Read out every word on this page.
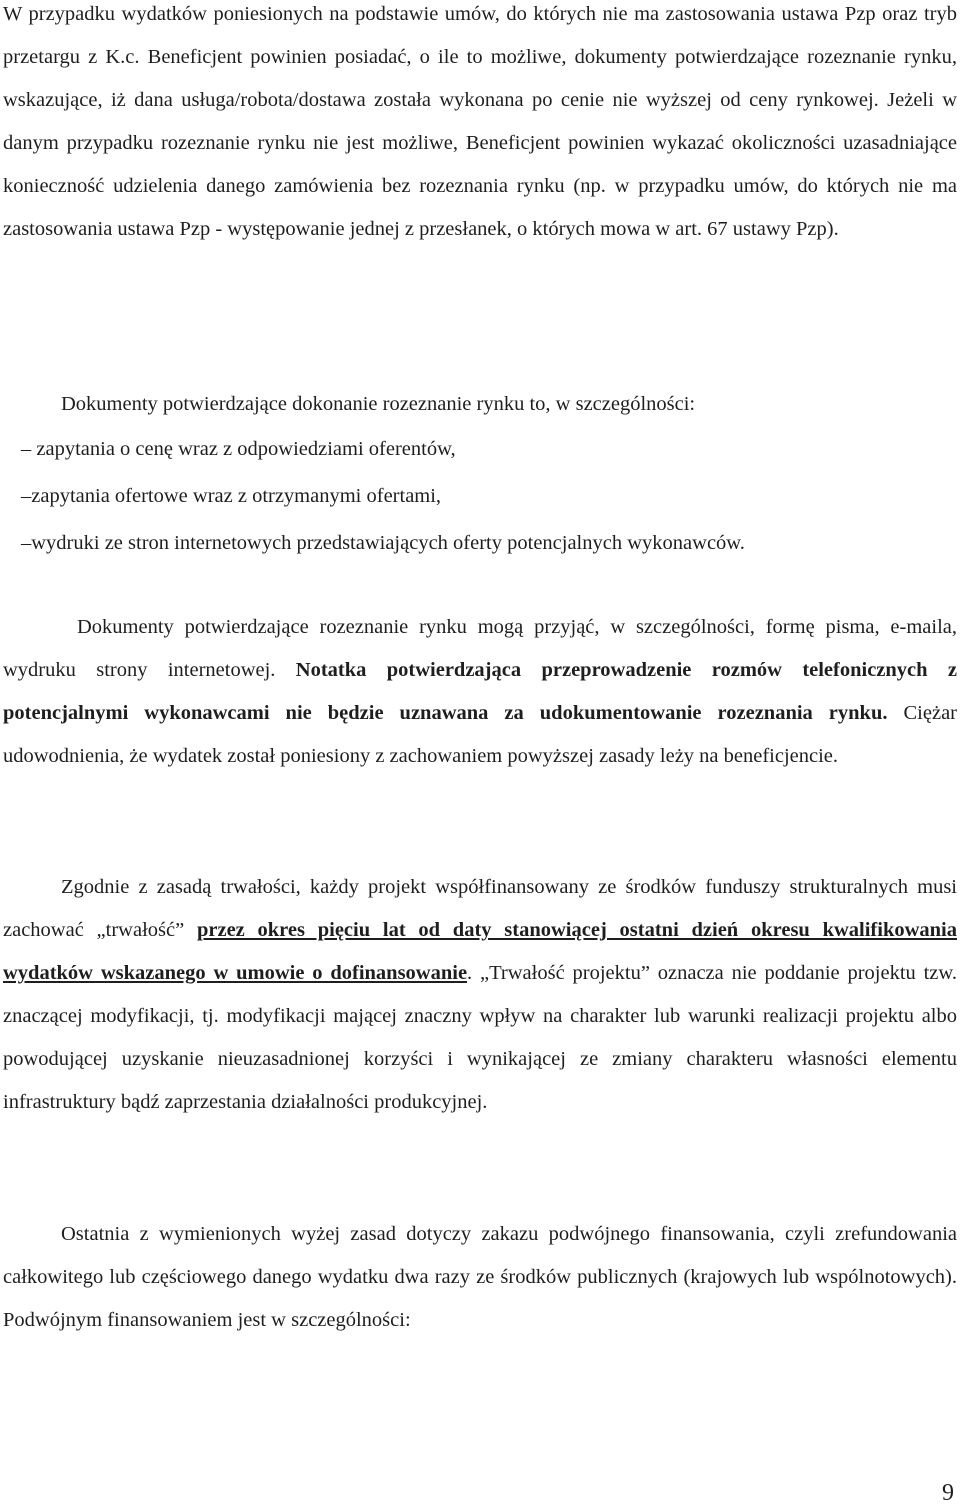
W przypadku wydatków poniesionych na podstawie umów, do których nie ma zastosowania ustawa Pzp oraz tryb przetargu z K.c. Beneficjent powinien posiadać, o ile to możliwe, dokumenty potwierdzające rozeznanie rynku, wskazujące, iż dana usługa/robota/dostawa została wykonana po cenie nie wyższej od ceny rynkowej. Jeżeli w danym przypadku rozeznanie rynku nie jest możliwe, Beneficjent powinien wykazać okoliczności uzasadniające konieczność udzielenia danego zamówienia bez rozeznania rynku (np. w przypadku umów, do których nie ma zastosowania ustawa Pzp - występowanie jednej z przesłanek, o których mowa w art. 67 ustawy Pzp).

Dokumenty potwierdzające dokonanie rozeznanie rynku to, w szczególności:

– zapytania o cenę wraz z odpowiedziami oferentów,
–zapytania ofertowe wraz z otrzymanymi ofertami,
–wydruki ze stron internetowych przedstawiających oferty potencjalnych wykonawców.

Dokumenty potwierdzające rozeznanie rynku mogą przyjąć, w szczególności, formę pisma, e-maila, wydruku strony internetowej. Notatka potwierdzająca przeprowadzenie rozmów telefonicznych z potencjalnymi wykonawcami nie będzie uznawana za udokumentowanie rozeznania rynku. Ciężar udowodnienia, że wydatek został poniesiony z zachowaniem powyższej zasady leży na beneficjencie.

Zgodnie z zasadą trwałości, każdy projekt współfinansowany ze środków funduszy strukturalnych musi zachować „trwałość” przez okres pięciu lat od daty stanowiącej ostatni dzień okresu kwalifikowania wydatków wskazanego w umowie o dofinansowanie. „Trwałość projektu” oznacza nie poddanie projektu tzw. znaczącej modyfikacji, tj. modyfikacji mającej znaczny wpływ na charakter lub warunki realizacji projektu albo powodującej uzyskanie nieuzasadnionej korzyści i wynikającej ze zmiany charakteru własności elementu infrastruktury bądź zaprzestania działalności produkcyjnej.

Ostatnia z wymienionych wyżej zasad dotyczy zakazu podwójnego finansowania, czyli zrefundowania całkowitego lub częściowego danego wydatku dwa razy ze środków publicznych (krajowych lub wspólnotowych). Podwójnym finansowaniem jest w szczególności:

9
